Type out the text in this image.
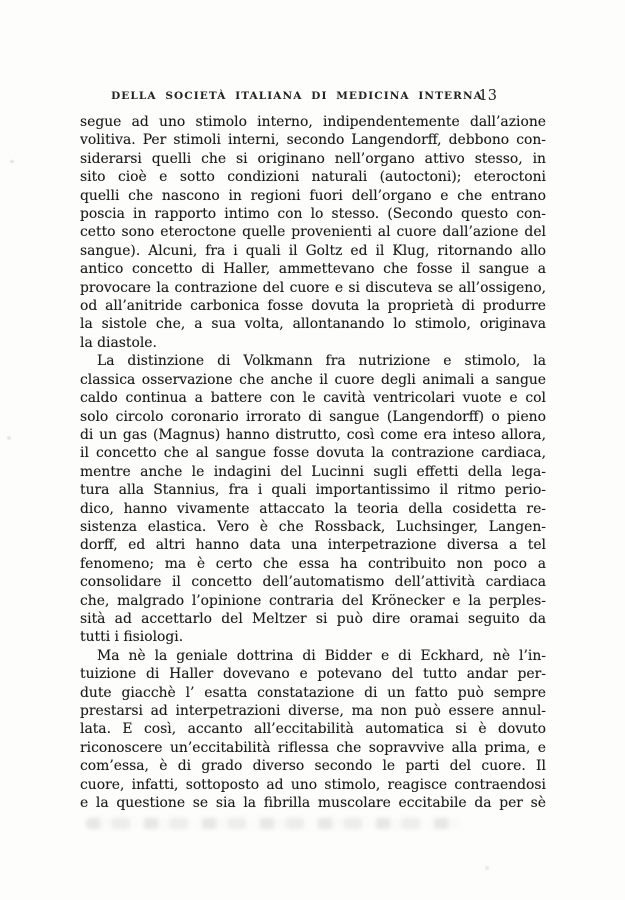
DELLA SOCIETÀ ITALIANA DI MEDICINA INTERNA
13
segue ad uno stimolo interno, indipendentemente dall’azione
volitiva. Per stimoli interni, secondo Langendorff, debbono con-
siderarsi quelli che si originano nell’organo attivo stesso, in
sito cioè e sotto condizioni naturali (autoctoni); eteroctoni
quelli che nascono in regioni fuori dell’organo e che entrano
poscia in rapporto intimo con lo stesso. (Secondo questo con-
cetto sono eteroctone quelle provenienti al cuore dall’azione del
sangue). Alcuni, fra i quali il Goltz ed il Klug, ritornando allo
antico concetto di Haller, ammettevano che fosse il sangue a
provocare la contrazione del cuore e si discuteva se all’ossigeno,
od all’anitride carbonica fosse dovuta la proprietà di produrre
la sistole che, a sua volta, allontanando lo stimolo, originava
la diastole.
La distinzione di Volkmann fra nutrizione e stimolo, la
classica osservazione che anche il cuore degli animali a sangue
caldo continua a battere con le cavità ventricolari vuote e col
solo circolo coronario irrorato di sangue (Langendorff) o pieno
di un gas (Magnus) hanno distrutto, così come era inteso allora,
il concetto che al sangue fosse dovuta la contrazione cardiaca,
mentre anche le indagini del Lucinni sugli effetti della lega-
tura alla Stannius, fra i quali importantissimo il ritmo perio-
dico, hanno vivamente attaccato la teoria della cosidetta re-
sistenza elastica. Vero è che Rossback, Luchsinger, Langen-
dorff, ed altri hanno data una interpetrazione diversa a tel
fenomeno; ma è certo che essa ha contribuito non poco a
consolidare il concetto dell’automatismo dell’attività cardiaca
che, malgrado l’opinione contraria del Krönecker e la perples-
sità ad accettarlo del Meltzer si può dire oramai seguito da
tutti i fisiologi.
Ma nè la geniale dottrina di Bidder e di Eckhard, nè l’in-
tuizione di Haller dovevano e potevano del tutto andar per-
dute giacchè l’ esatta constatazione di un fatto può sempre
prestarsi ad interpetrazioni diverse, ma non può essere annul-
lata. E così, accanto all’eccitabilità automatica si è dovuto
riconoscere un’eccitabilità riflessa che sopravvive alla prima, e
com’essa, è di grado diverso secondo le parti del cuore. Il
cuore, infatti, sottoposto ad uno stimolo, reagisce contraendosi
e la questione se sia la fibrilla muscolare eccitabile da per sè
